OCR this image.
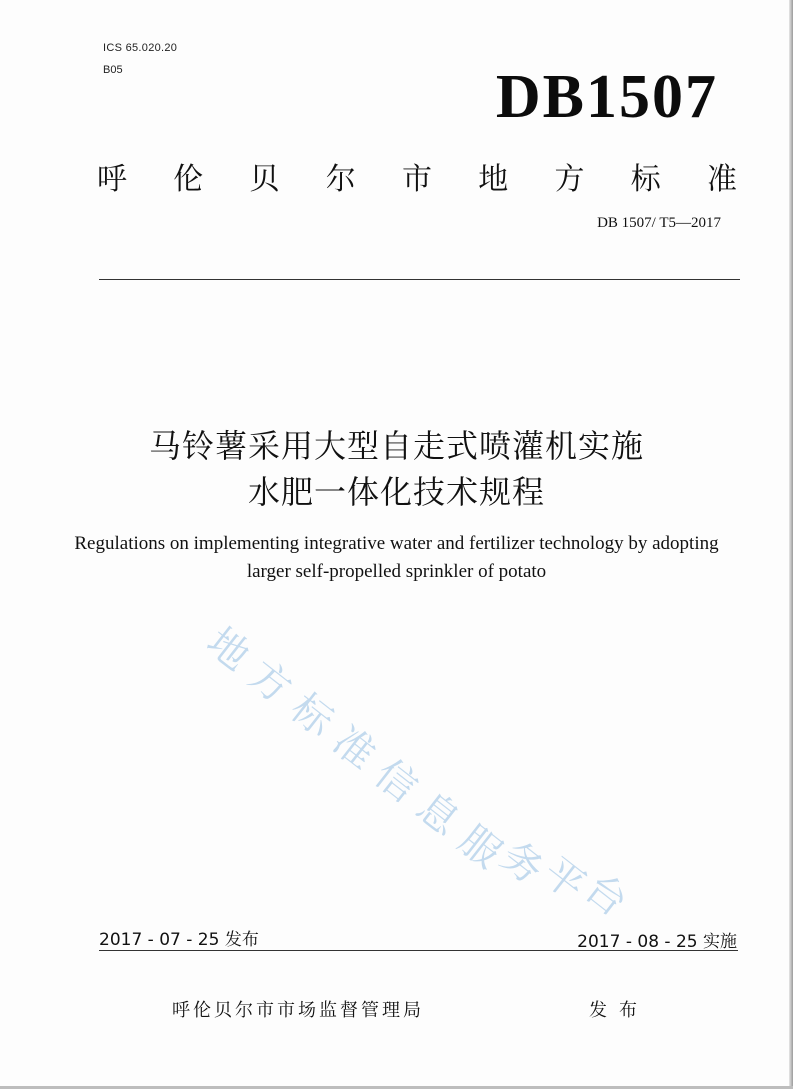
ICS 65.020.20
B05	DB1507
呼 伦 贝 尔 市 地 方 标 准
DB 1507/ T5—2017
马铃薯采用大型自走式喷灌机实施
水肥一体化技术规程
Regulations on implementing integrative water and fertilizer technology by adopting
larger self-propelled sprinkler of potato
地
方
标
准
信
息
服
务
平
台
2017 - 07 - 25 发布	2017 - 08 - 25 实施
呼伦贝尔市市场监督管理局	发布
